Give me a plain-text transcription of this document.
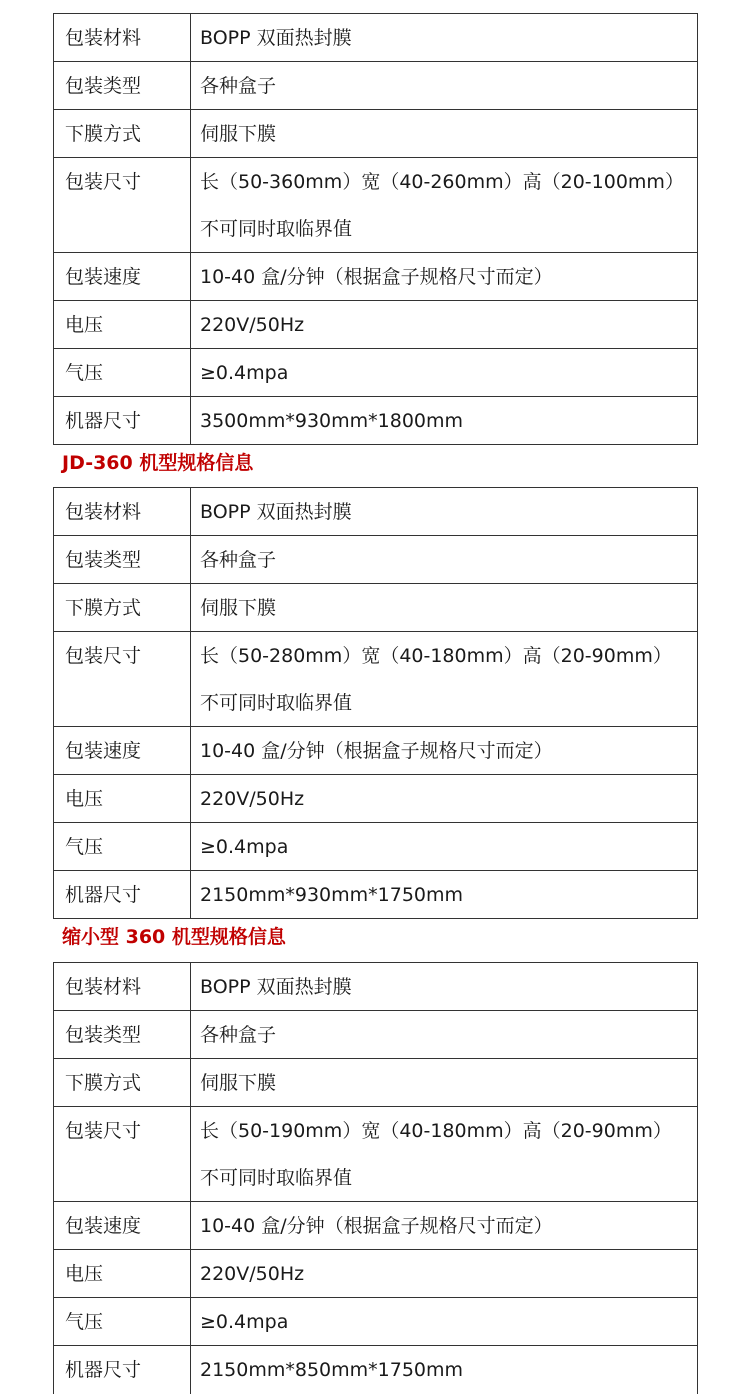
包装材料	BOPP 双面热封膜
包装类型	各种盒子
下膜方式	伺服下膜
包装尺寸	长（50-360mm）宽（40-260mm）高（20-100mm）
不可同时取临界值

包装速度	10-40 盒/分钟（根据盒子规格尺寸而定）
电压	220V/50Hz
气压	≥0.4mpa
机器尺寸	3500mm*930mm*1800mm
JD-360 机型规格信息
包装材料	BOPP 双面热封膜
包装类型	各种盒子
下膜方式	伺服下膜
包装尺寸	长（50-280mm）宽（40-180mm）高（20-90mm）
不可同时取临界值

包装速度	10-40 盒/分钟（根据盒子规格尺寸而定）
电压	220V/50Hz
气压	≥0.4mpa
机器尺寸	2150mm*930mm*1750mm
缩小型 360 机型规格信息
包装材料	BOPP 双面热封膜
包装类型	各种盒子
下膜方式	伺服下膜
包装尺寸	长（50-190mm）宽（40-180mm）高（20-90mm）
不可同时取临界值

包装速度	10-40 盒/分钟（根据盒子规格尺寸而定）
电压	220V/50Hz
气压	≥0.4mpa
机器尺寸	2150mm*850mm*1750mm
